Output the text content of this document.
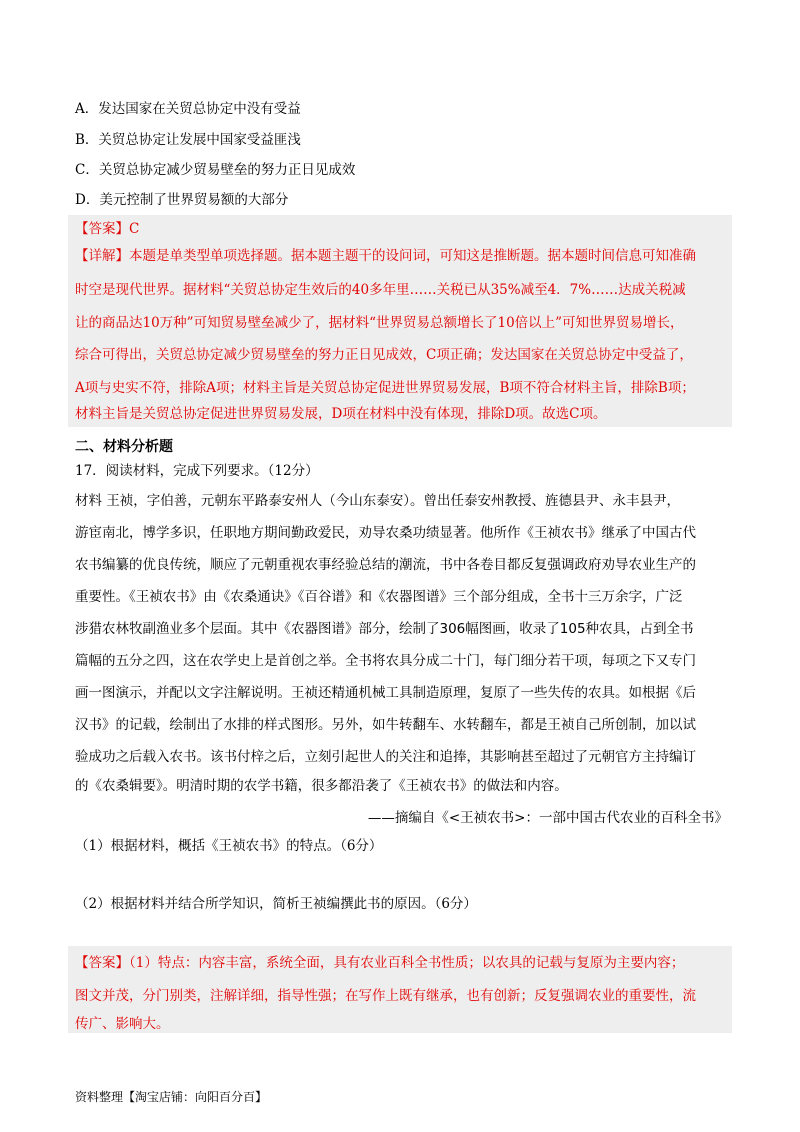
A．发达国家在关贸总协定中没有受益
B．关贸总协定让发展中国家受益匪浅
C．关贸总协定减少贸易壁垒的努力正日见成效
D．美元控制了世界贸易额的大部分
【答案】C
【详解】本题是单类型单项选择题。据本题主题干的设问词，可知这是推断题。据本题时间信息可知准确
时空是现代世界。据材料“关贸总协定生效后的40多年里……关税已从35%减至4．7%……达成关税减
让的商品达10万种”可知贸易壁垒减少了，据材料“世界贸易总额增长了10倍以上”可知世界贸易增长，
综合可得出，关贸总协定减少贸易壁垒的努力正日见成效，C项正确；发达国家在关贸总协定中受益了，
A项与史实不符，排除A项；材料主旨是关贸总协定促进世界贸易发展，B项不符合材料主旨，排除B项；
材料主旨是关贸总协定促进世界贸易发展，D项在材料中没有体现，排除D项。故选C项。
二、材料分析题
17．阅读材料，完成下列要求。（12分）
材料 王祯，字伯善，元朝东平路泰安州人（今山东泰安）。曾出任泰安州教授、旌德县尹、永丰县尹，
游宦南北，博学多识，任职地方期间勤政爱民，劝导农桑功绩显著。他所作《王祯农书》继承了中国古代
农书编纂的优良传统，顺应了元朝重视农事经验总结的潮流，书中各卷目都反复强调政府劝导农业生产的
重要性。《王祯农书》由《农桑通诀》《百谷谱》和《农器图谱》三个部分组成，全书十三万余字，广泛
涉猎农林牧副渔业多个层面。其中《农器图谱》部分，绘制了306幅图画，收录了105种农具，占到全书
篇幅的五分之四，这在农学史上是首创之举。全书将农具分成二十门，每门细分若干项，每项之下又专门
画一图演示，并配以文字注解说明。王祯还精通机械工具制造原理，复原了一些失传的农具。如根据《后
汉书》的记载，绘制出了水排的样式图形。另外，如牛转翻车、水转翻车，都是王祯自己所创制，加以试
验成功之后载入农书。该书付梓之后，立刻引起世人的关注和追捧，其影响甚至超过了元朝官方主持编订
的《农桑辑要》。明清时期的农学书籍，很多都沿袭了《王祯农书》的做法和内容。
——摘编自《<王祯农书>：一部中国古代农业的百科全书》
（1）根据材料，概括《王祯农书》的特点。（6分）
（2）根据材料并结合所学知识，简析王祯编撰此书的原因。（6分）
【答案】（1）特点：内容丰富，系统全面，具有农业百科全书性质；以农具的记载与复原为主要内容；
图文并茂，分门别类，注解详细，指导性强；在写作上既有继承，也有创新；反复强调农业的重要性，流
传广、影响大。
资料整理【淘宝店铺：向阳百分百】
